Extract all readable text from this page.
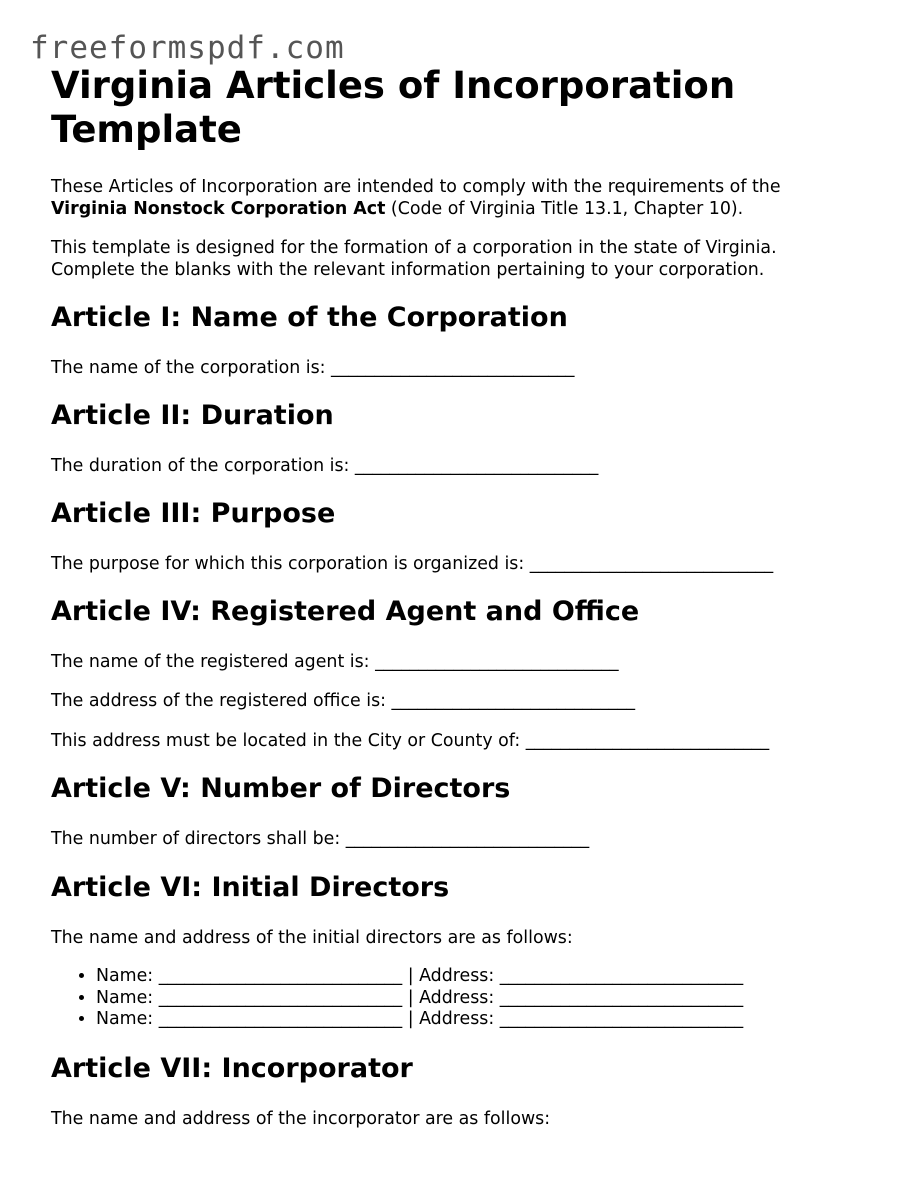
freeformspdf.com
Virginia Articles of Incorporation Template

These Articles of Incorporation are intended to comply with the requirements of the
Virginia Nonstock Corporation Act (Code of Virginia Title 13.1, Chapter 10).

This template is designed for the formation of a corporation in the state of Virginia. Complete the blanks with the relevant information pertaining to your corporation.

Article I: Name of the Corporation

The name of the corporation is: ____________________________

Article II: Duration

The duration of the corporation is: ____________________________

Article III: Purpose

The purpose for which this corporation is organized is: ____________________________

Article IV: Registered Agent and Office

The name of the registered agent is: ____________________________

The address of the registered office is: ____________________________

This address must be located in the City or County of: ____________________________

Article V: Number of Directors

The number of directors shall be: ____________________________

Article VI: Initial Directors

The name and address of the initial directors are as follows:

• Name: ____________________________ | Address: ____________________________
• Name: ____________________________ | Address: ____________________________
• Name: ____________________________ | Address: ____________________________
Article VII: Incorporator

The name and address of the incorporator are as follows:
